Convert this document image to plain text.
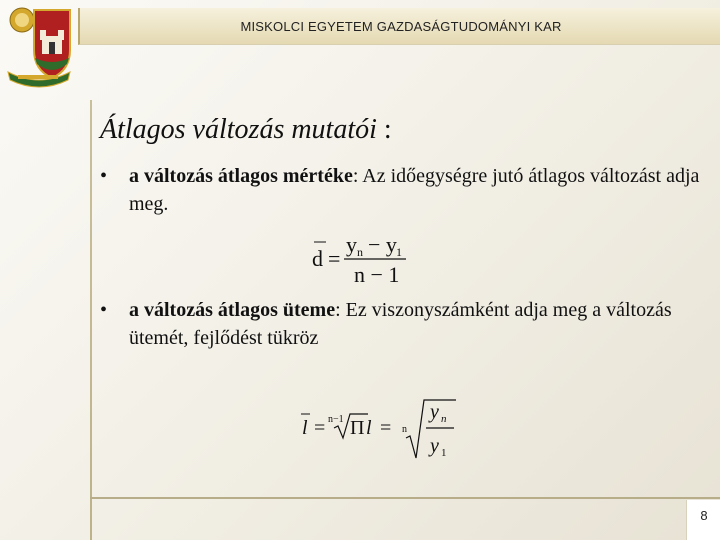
MISKOLCI EGYETEM GAZDASÁGTUDOMÁNYI KAR
Átlagos változás mutatói :
•	a változás átlagos mértéke: Az időegységre jutó átlagos változást adja meg.
d =
y n − y 1
n − 1
•	a változás átlagos üteme: Ez viszonyszámként adja meg a változás ütemét, fejlődést tükröz
l = n−1 Π l = n
y n
y 1
8
